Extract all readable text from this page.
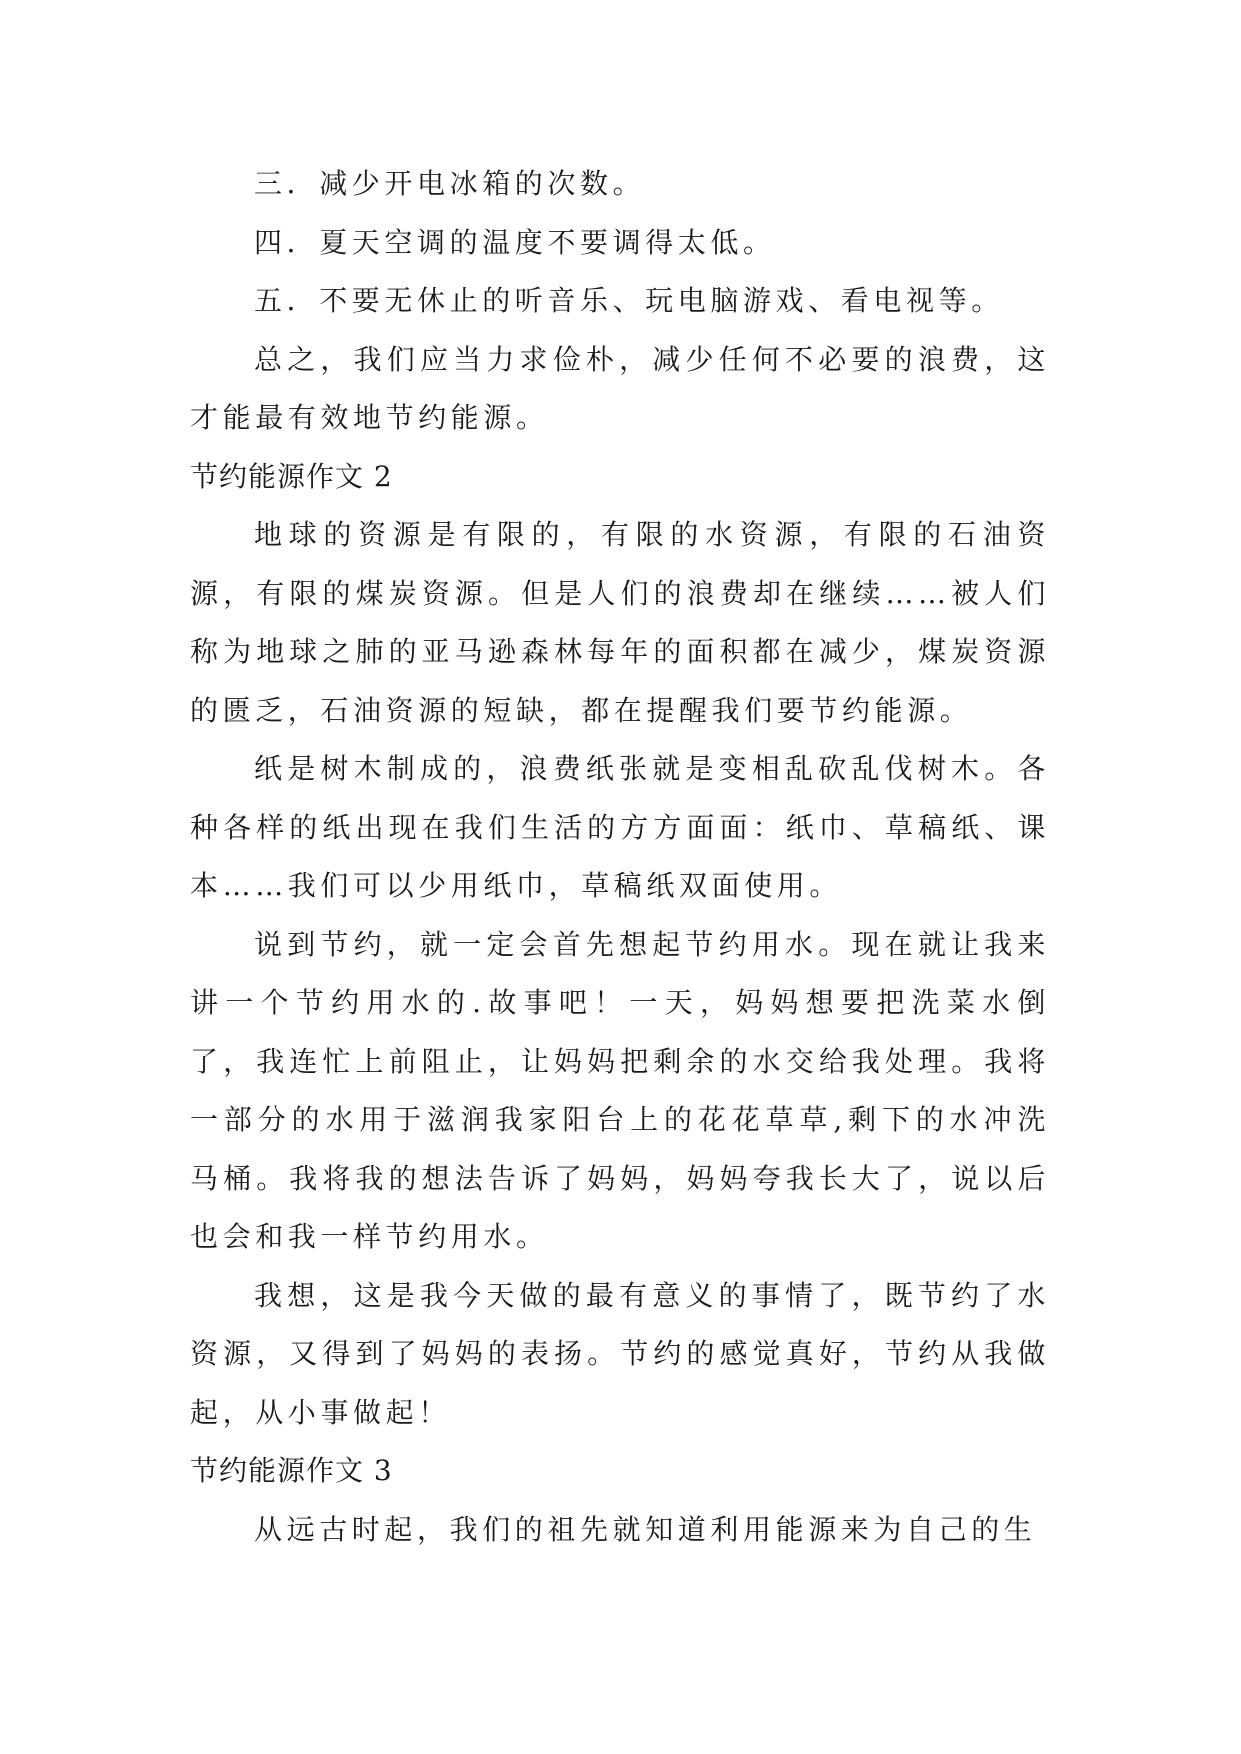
三．减少开电冰箱的次数。

四．夏天空调的温度不要调得太低。

五．不要无休止的听音乐、玩电脑游戏、看电视等。

总之，我们应当力求俭朴，减少任何不必要的浪费，这才能最有效地节约能源。

节约能源作文 2

地球的资源是有限的，有限的水资源，有限的石油资源，有限的煤炭资源。但是人们的浪费却在继续……被人们称为地球之肺的亚马逊森林每年的面积都在减少，煤炭资源的匮乏，石油资源的短缺，都在提醒我们要节约能源。

纸是树木制成的，浪费纸张就是变相乱砍乱伐树木。各种各样的纸出现在我们生活的方方面面：纸巾、草稿纸、课本……我们可以少用纸巾，草稿纸双面使用。

说到节约，就一定会首先想起节约用水。现在就让我来讲一个节约用水的.故事吧！一天，妈妈想要把洗菜水倒了，我连忙上前阻止，让妈妈把剩余的水交给我处理。我将一部分的水用于滋润我家阳台上的花花草草,剩下的水冲洗马桶。我将我的想法告诉了妈妈，妈妈夸我长大了，说以后也会和我一样节约用水。

我想，这是我今天做的最有意义的事情了，既节约了水资源，又得到了妈妈的表扬。节约的感觉真好，节约从我做起，从小事做起！

节约能源作文 3

从远古时起，我们的祖先就知道利用能源来为自己的生
